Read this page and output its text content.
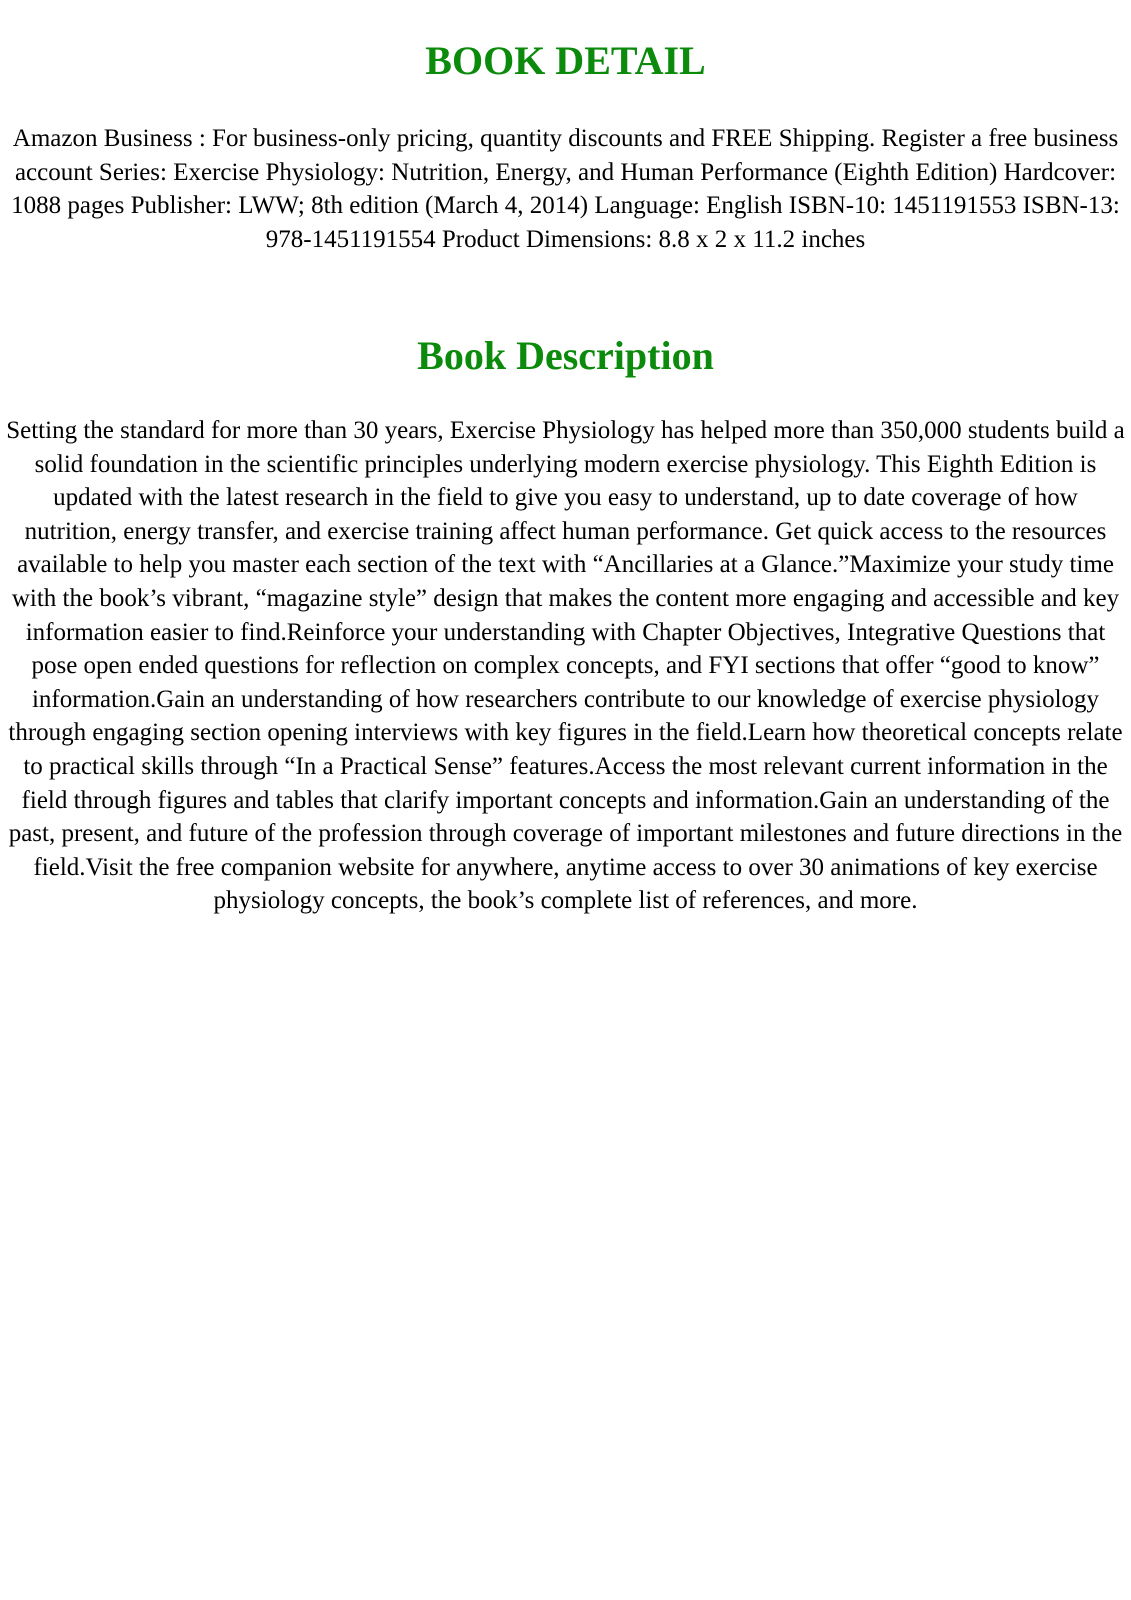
BOOK DETAIL

Amazon Business : For business-only pricing, quantity discounts and FREE Shipping. Register a free business account Series: Exercise Physiology: Nutrition, Energy, and Human Performance (Eighth Edition) Hardcover: 1088 pages Publisher: LWW; 8th edition (March 4, 2014) Language: English ISBN-10: 1451191553 ISBN-13: 978-1451191554 Product Dimensions: 8.8 x 2 x 11.2 inches

Book Description

Setting the standard for more than 30 years, Exercise Physiology has helped more than 350,000 students build a solid foundation in the scientific principles underlying modern exercise physiology. This Eighth Edition is updated with the latest research in the field to give you easy to understand, up to date coverage of how nutrition, energy transfer, and exercise training affect human performance. Get quick access to the resources available to help you master each section of the text with “Ancillaries at a Glance.”Maximize your study time with the book’s vibrant, “magazine style” design that makes the content more engaging and accessible and key information easier to find.Reinforce your understanding with Chapter Objectives, Integrative Questions that pose open ended questions for reflection on complex concepts, and FYI sections that offer “good to know” information.Gain an understanding of how researchers contribute to our knowledge of exercise physiology through engaging section opening interviews with key figures in the field.Learn how theoretical concepts relate to practical skills through “In a Practical Sense” features.Access the most relevant current information in the field through figures and tables that clarify important concepts and information.Gain an understanding of the past, present, and future of the profession through coverage of important milestones and future directions in the field.Visit the free companion website for anywhere, anytime access to over 30 animations of key exercise physiology concepts, the book’s complete list of references, and more.
